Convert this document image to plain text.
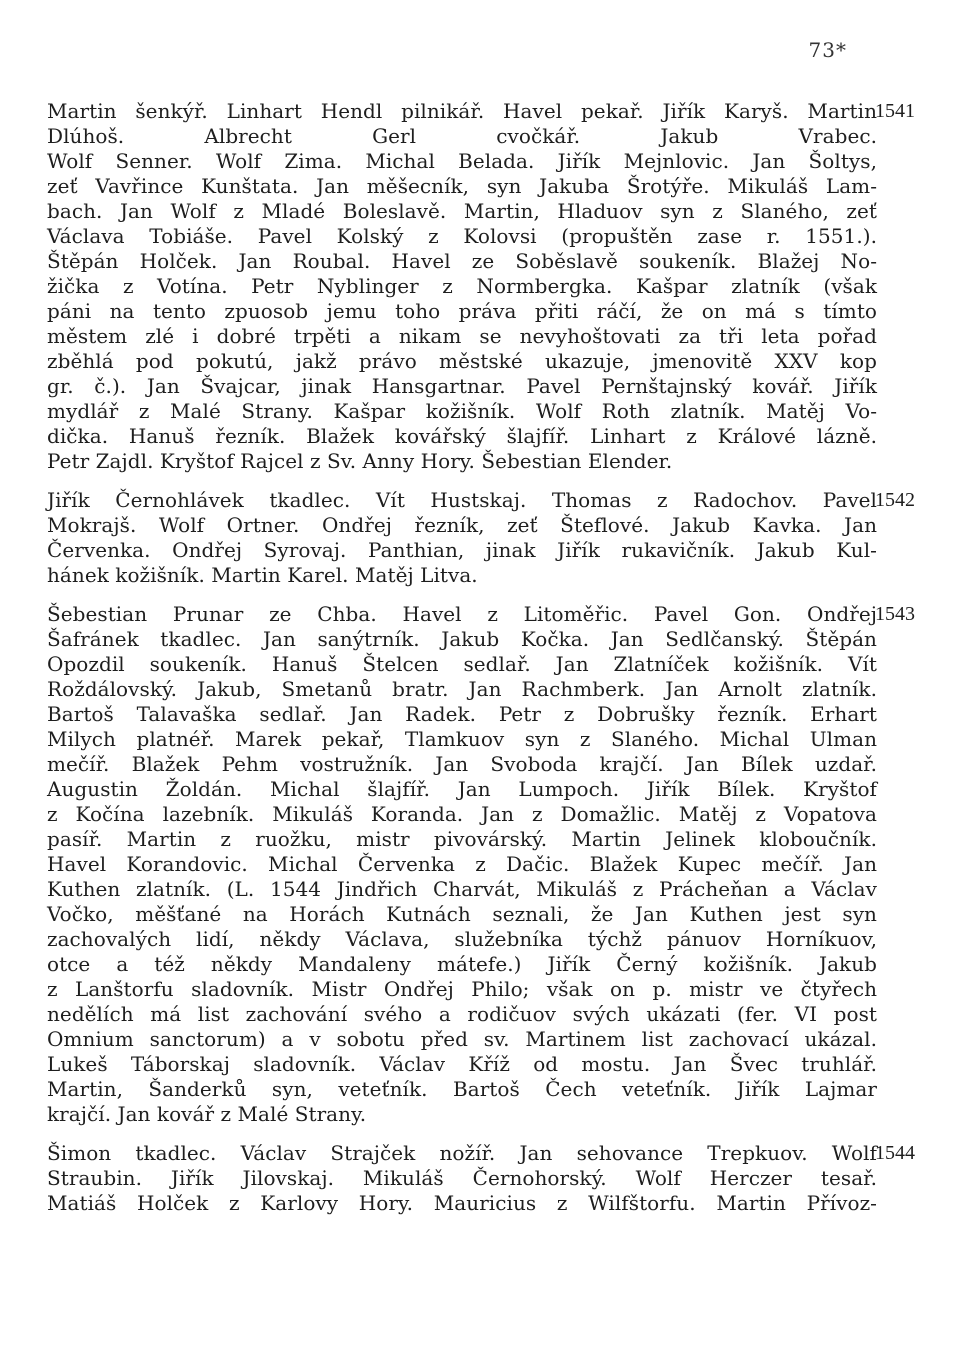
73*
1541
Martin šenkýř. Linhart Hendl pilnikář. Havel pekař. Jiřík Karyš. Martin
Dlúhoš. Albrecht Gerl cvočkář. Jakub Vrabec.
Wolf Senner. Wolf Zima. Michal Belada. Jiřík Mejnlovic. Jan Šoltys,
zeť Vavřince Kunštata. Jan měšecník, syn Jakuba Šrotýře. Mikuláš Lam-
bach. Jan Wolf z Mladé Boleslavě. Martin, Hladuov syn z Slaného, zeť
Václava Tobiáše. Pavel Kolský z Kolovsi (propuštěn zase r. 1551.).
Štěpán Holček. Jan Roubal. Havel ze Soběslavě soukeník. Blažej No-
žička z Votína. Petr Nyblinger z Normbergka. Kašpar zlatník (však
páni na tento zpuosob jemu toho práva přiti ráčí, že on má s tímto
městem zlé i dobré trpěti a nikam se nevyhoštovati za tři leta pořad
zběhlá pod pokutú, jakž právo městské ukazuje, jmenovitě XXV kop
gr. č.). Jan Švajcar, jinak Hansgartnar. Pavel Pernštajnský kovář. Jiřík
mydlář z Malé Strany. Kašpar kožišník. Wolf Roth zlatník. Matěj Vo-
dička. Hanuš řezník. Blažek kovářský šlajfíř. Linhart z Králové lázně.
Petr Zajdl. Kryštof Rajcel z Sv. Anny Hory. Šebestian Elender.
1542
Jiřík Černohlávek tkadlec. Vít Hustskaj. Thomas z Radochov. Pavel
Mokrajš. Wolf Ortner. Ondřej řezník, zeť Šteflové. Jakub Kavka. Jan
Červenka. Ondřej Syrovaj. Panthian, jinak Jiřík rukavičník. Jakub Kul-
hánek kožišník. Martin Karel. Matěj Litva.
1543
Šebestian Prunar ze Chba. Havel z Litoměřic. Pavel Gon. Ondřej
Šafránek tkadlec. Jan sanýtrník. Jakub Kočka. Jan Sedlčanský. Štěpán
Opozdil soukeník. Hanuš Štelcen sedlař. Jan Zlatníček kožišník. Vít
Roždálovský. Jakub, Smetanů bratr. Jan Rachmberk. Jan Arnolt zlatník.
Bartoš Talavaška sedlař. Jan Radek. Petr z Dobrušky řezník. Erhart
Milych platnéř. Marek pekař, Tlamkuov syn z Slaného. Michal Ulman
mečíř. Blažek Pehm vostružník. Jan Svoboda krajčí. Jan Bílek uzdař.
Augustin Žoldán. Michal šlajfíř. Jan Lumpoch. Jiřík Bílek. Kryštof
z Kočína lazebník. Mikuláš Koranda. Jan z Domažlic. Matěj z Vopatova
pasíř. Martin z ruožku, mistr pivovárský. Martin Jelinek kloboučník.
Havel Korandovic. Michal Červenka z Dačic. Blažek Kupec mečíř. Jan
Kuthen zlatník. (L. 1544 Jindřich Charvát, Mikuláš z Prácheňan a Václav
Vočko, měšťané na Horách Kutnách seznali, že Jan Kuthen jest syn
zachovalých lidí, někdy Václava, služebníka týchž pánuov Horníkuov,
otce a též někdy Mandaleny mátefe.) Jiřík Černý kožišník. Jakub
z Lanštorfu sladovník. Mistr Ondřej Philo; však on p. mistr ve čtyřech
nedělích má list zachování svého a rodičuov svých ukázati (fer. VI post
Omnium sanctorum) a v sobotu před sv. Martinem list zachovací ukázal.
Lukeš Táborskaj sladovník. Václav Kříž od mostu. Jan Švec truhlář.
Martin, Šanderků syn, veteťník. Bartoš Čech veteťník. Jiřík Lajmar
krajčí. Jan kovář z Malé Strany.
1544
Šimon tkadlec. Václav Strajček nožíř. Jan sehovance Trepkuov. Wolf
Straubin. Jiřík Jilovskaj. Mikuláš Černohorský. Wolf Herczer tesař.
Matiáš Holček z Karlovy Hory. Mauricius z Wilfštorfu. Martin Přívoz-
